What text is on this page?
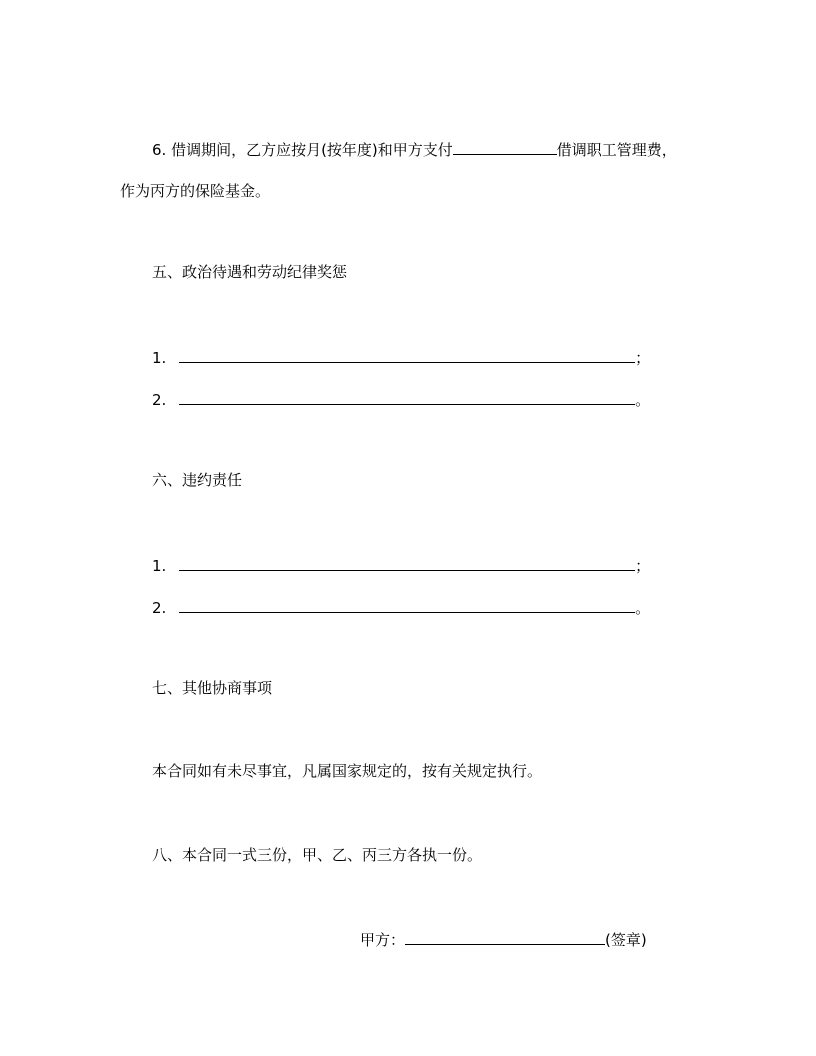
6. 借调期间，乙方应按月(按年度)和甲方支付	借调职工管理费，
作为丙方的保险基金。
五、政治待遇和劳动纪律奖惩
1.	；
2.	。
六、违约责任
1.	；
2.	。
七、其他协商事项
本合同如有未尽事宜，凡属国家规定的，按有关规定执行。
八、本合同一式三份，甲、乙、丙三方各执一份。
甲方：	(签章)
